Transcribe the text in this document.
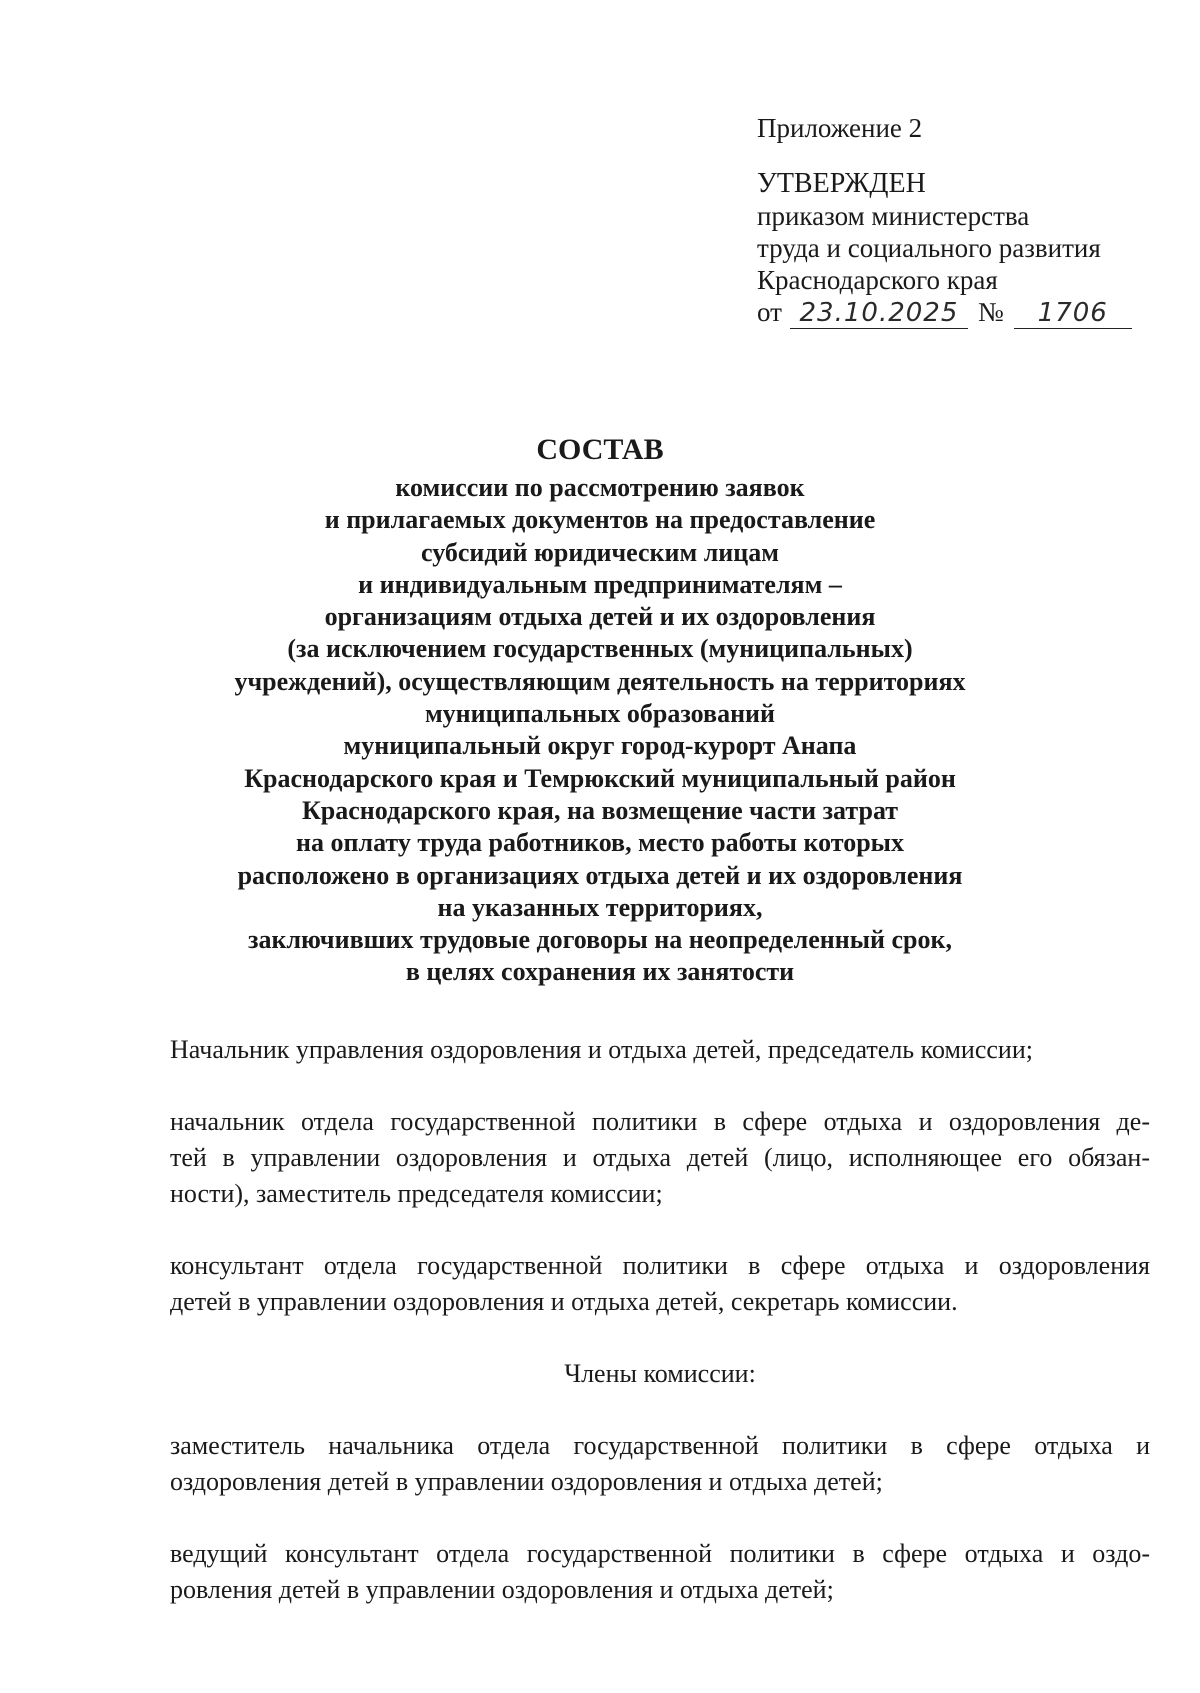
Приложение 2
УТВЕРЖДЕН
приказом министерства
труда и социального развития
Краснодарского края
от 23.10.2025 №	1706
СОСТАВ
комиссии по рассмотрению заявок
и прилагаемых документов на предоставление
субсидий юридическим лицам
и индивидуальным предпринимателям –
организациям отдыха детей и их оздоровления
(за исключением государственных (муниципальных)
учреждений), осуществляющим деятельность на территориях
муниципальных образований
муниципальный округ город-курорт Анапа
Краснодарского края и Темрюкский муниципальный район
Краснодарского края, на возмещение части затрат
на оплату труда работников, место работы которых
расположено в организациях отдыха детей и их оздоровления
на указанных территориях,
заключивших трудовые договоры на неопределенный срок,
в целях сохранения их занятости
Начальник управления оздоровления и отдыха детей, председатель комиссии;
начальник отдела государственной политики в сфере отдыха и оздоровления де-
тей в управлении оздоровления и отдыха детей (лицо, исполняющее его обязан-
ности), заместитель председателя комиссии;
консультант отдела государственной политики в сфере отдыха и оздоровления
детей в управлении оздоровления и отдыха детей, секретарь комиссии.
Члены комиссии:
заместитель начальника отдела государственной политики в сфере отдыха и
оздоровления детей в управлении оздоровления и отдыха детей;
ведущий консультант отдела государственной политики в сфере отдыха и оздо-
ровления детей в управлении оздоровления и отдыха детей;
